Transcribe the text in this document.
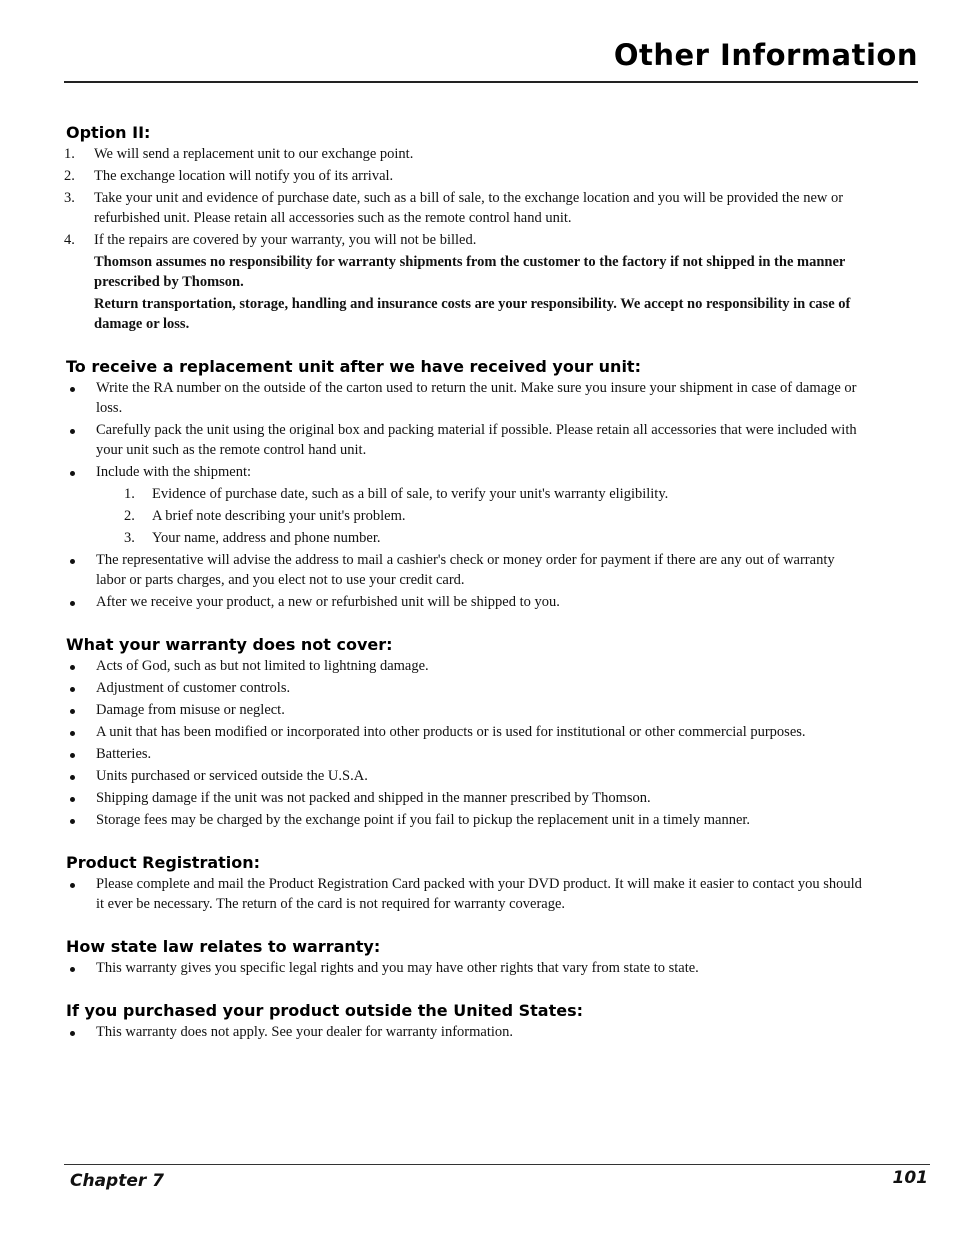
Other Information
Option II:
1. We will send a replacement unit to our exchange point.
2. The exchange location will notify you of its arrival.
3. Take your unit and evidence of purchase date, such as a bill of sale, to the exchange location and you will be provided the new or refurbished unit. Please retain all accessories such as the remote control hand unit.
4. If the repairs are covered by your warranty, you will not be billed.
Thomson assumes no responsibility for warranty shipments from the customer to the factory if not shipped in the manner prescribed by Thomson.
Return transportation, storage, handling and insurance costs are your responsibility. We accept no responsibility in case of damage or loss.
To receive a replacement unit after we have received your unit:
Write the RA number on the outside of the carton used to return the unit. Make sure you insure your shipment in case of damage or loss.
Carefully pack the unit using the original box and packing material if possible. Please retain all accessories that were included with your unit such as the remote control hand unit.
Include with the shipment:
1. Evidence of purchase date, such as a bill of sale, to verify your unit's warranty eligibility.
2. A brief note describing your unit's problem.
3. Your name, address and phone number.
The representative will advise the address to mail a cashier's check or money order for payment if there are any out of warranty labor or parts charges, and you elect not to use your credit card.
After we receive your product, a new or refurbished unit will be shipped to you.
What your warranty does not cover:
Acts of God, such as but not limited to lightning damage.
Adjustment of customer controls.
Damage from misuse or neglect.
A unit that has been modified or incorporated into other products or is used for institutional or other commercial purposes.
Batteries.
Units purchased or serviced outside the U.S.A.
Shipping damage if the unit was not packed and shipped in the manner prescribed by Thomson.
Storage fees may be charged by the exchange point if you fail to pickup the replacement unit in a timely manner.
Product Registration:
Please complete and mail the Product Registration Card packed with your DVD product. It will make it easier to contact you should it ever be necessary. The return of the card is not required for warranty coverage.
How state law relates to warranty:
This warranty gives you specific legal rights and you may have other rights that vary from state to state.
If you purchased your product outside the United States:
This warranty does not apply. See your dealer for warranty information.
Chapter 7	101
